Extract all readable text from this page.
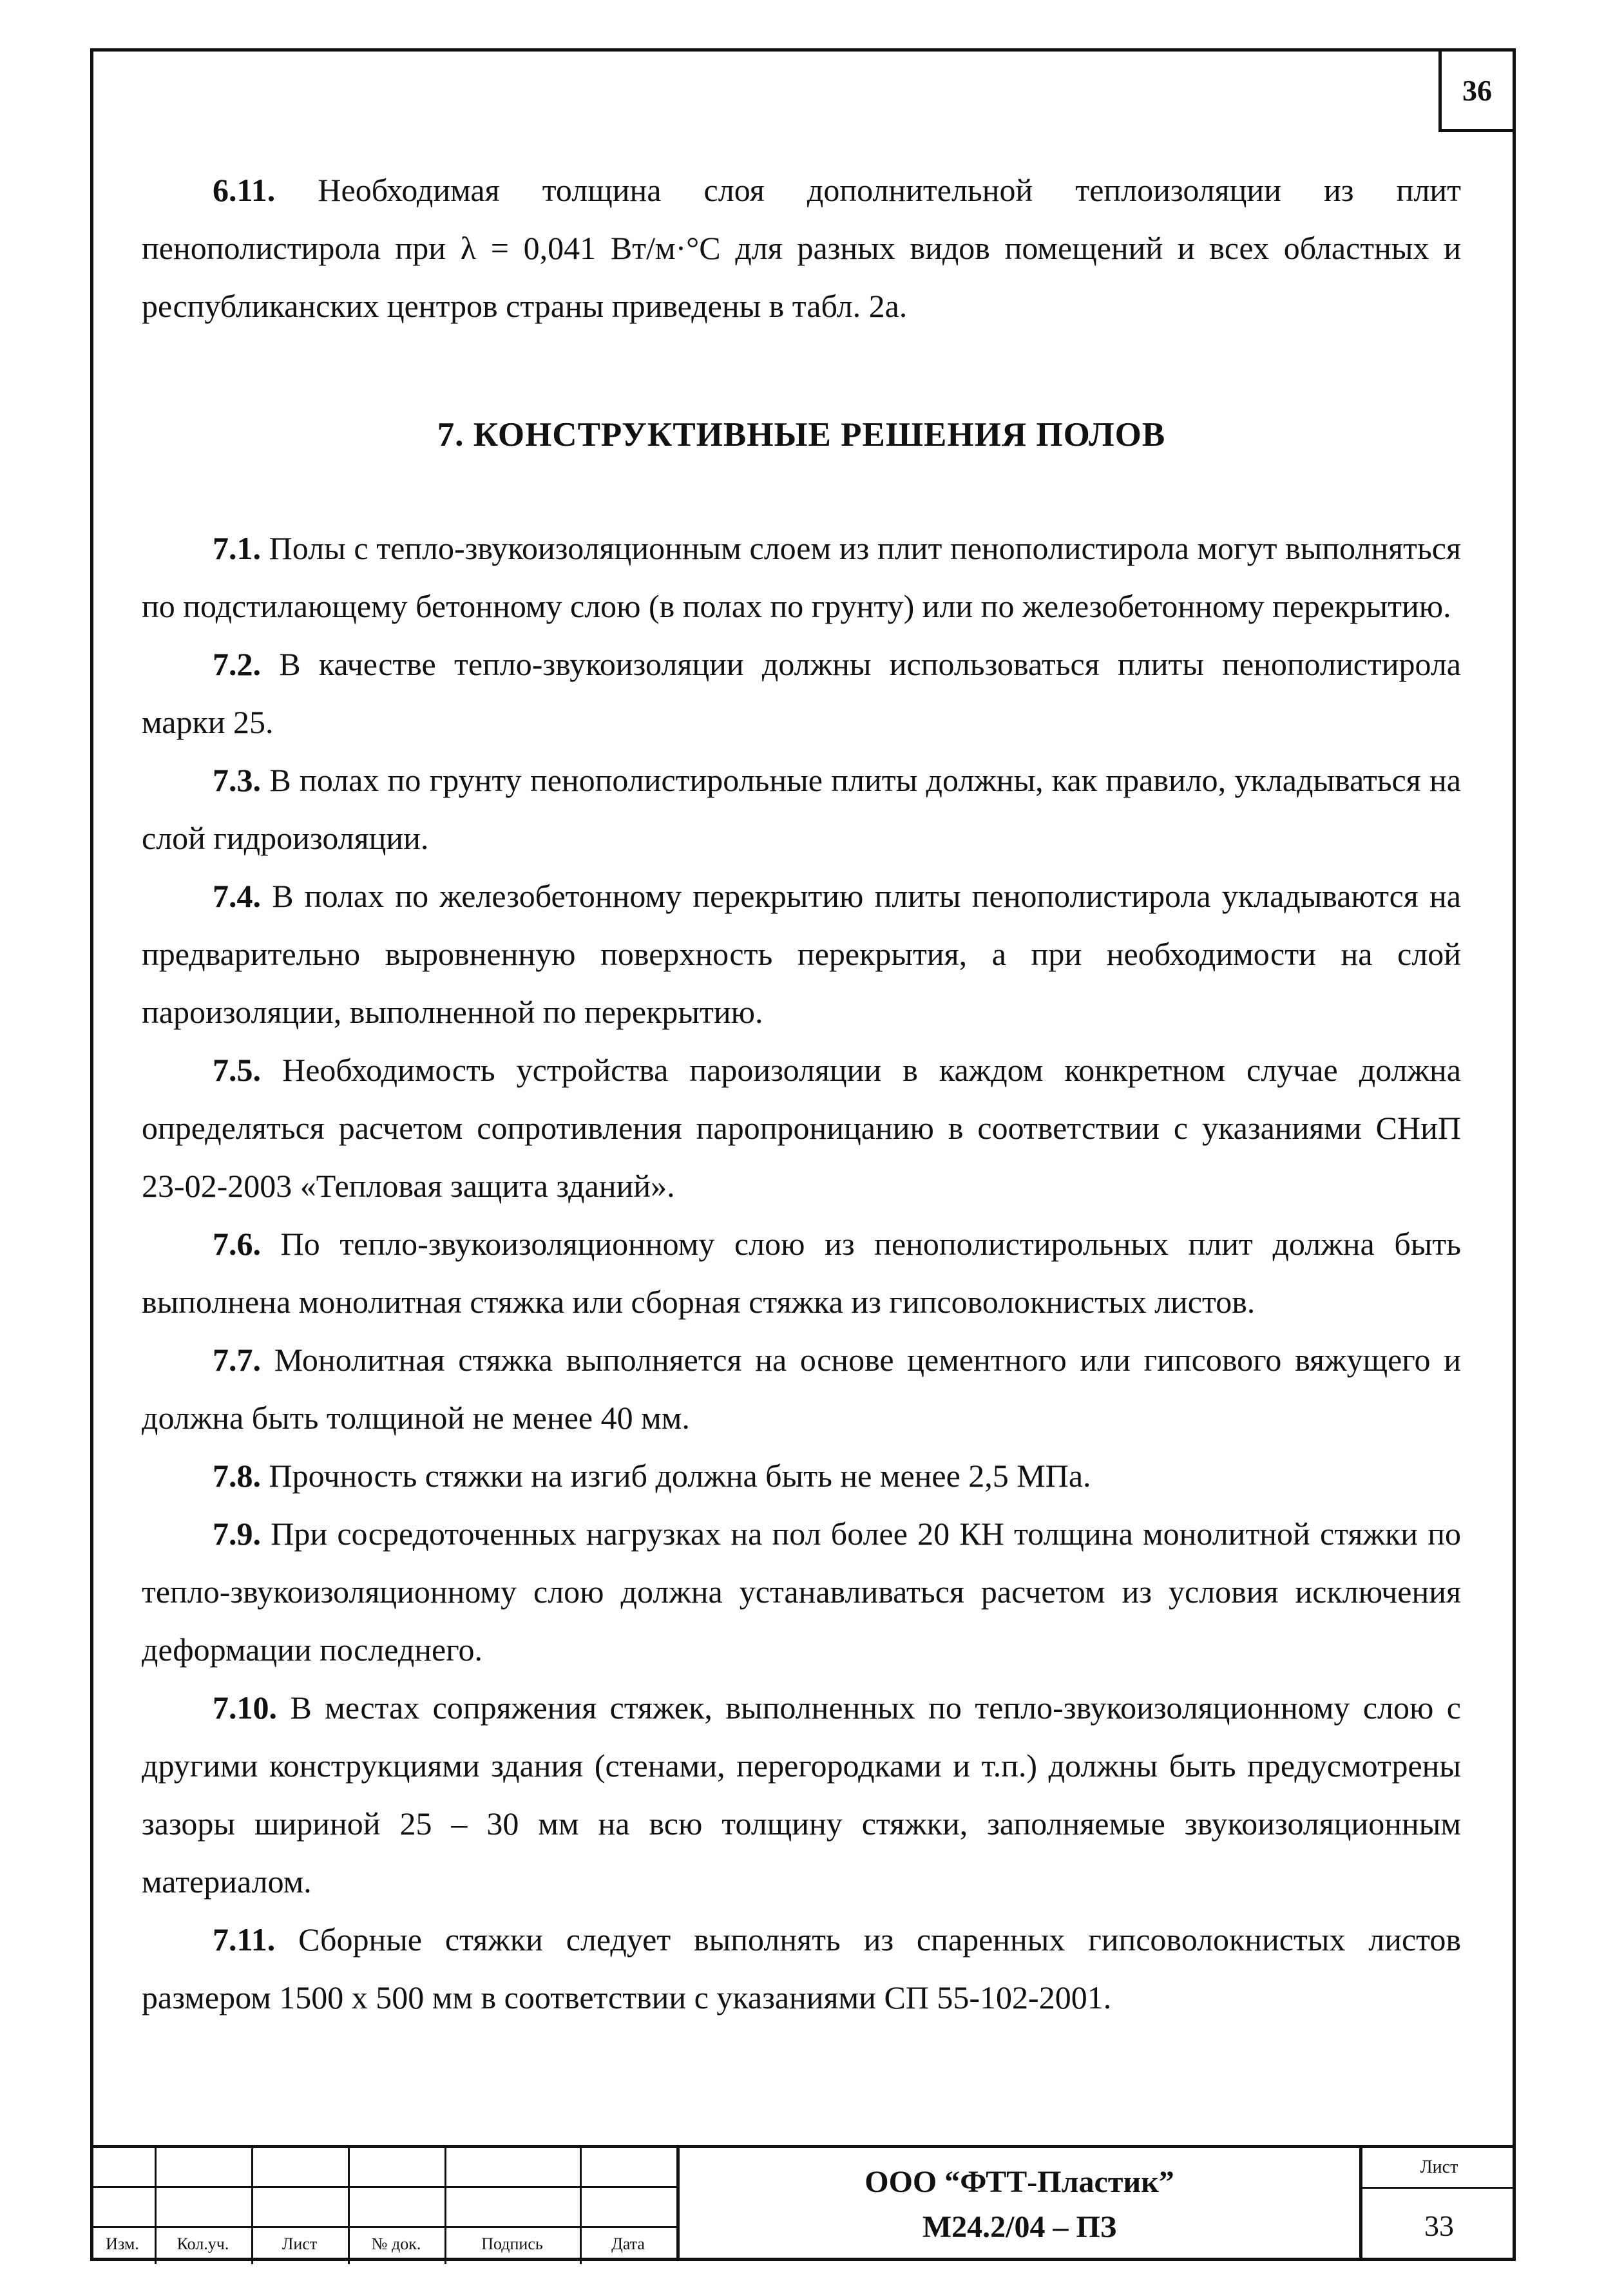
36

6.11. Необходимая толщина слоя дополнительной теплоизоляции из плит пенополистирола при λ = 0,041 Вт/м·°С для разных видов помещений и всех областных и республиканских центров страны приведены в табл. 2а.

7. КОНСТРУКТИВНЫЕ РЕШЕНИЯ ПОЛОВ

7.1. Полы с тепло-звукоизоляционным слоем из плит пенополистирола могут выполняться по подстилающему бетонному слою (в полах по грунту) или по железобетонному перекрытию.

7.2. В качестве тепло-звукоизоляции должны использоваться плиты пенополистирола марки 25.

7.3. В полах по грунту пенополистирольные плиты должны, как правило, укладываться на слой гидроизоляции.

7.4. В полах по железобетонному перекрытию плиты пенополистирола укладываются на предварительно выровненную поверхность перекрытия, а при необходимости на слой пароизоляции, выполненной по перекрытию.

7.5. Необходимость устройства пароизоляции в каждом конкретном случае должна определяться расчетом сопротивления паропроницанию в соответствии с указаниями СНиП 23-02-2003 «Тепловая защита зданий».

7.6. По тепло-звукоизоляционному слою из пенополистирольных плит должна быть выполнена монолитная стяжка или сборная стяжка из гипсоволокнистых листов.

7.7. Монолитная стяжка выполняется на основе цементного или гипсового вяжущего и должна быть толщиной не менее 40 мм.

7.8. Прочность стяжки на изгиб должна быть не менее 2,5 МПа.

7.9. При сосредоточенных нагрузках на пол более 20 КН толщина монолитной стяжки по тепло-звукоизоляционному слою должна устанавливаться расчетом из условия исключения деформации последнего.

7.10. В местах сопряжения стяжек, выполненных по тепло-звукоизоляционному слою с другими конструкциями здания (стенами, перегородками и т.п.) должны быть предусмотрены зазоры шириной 25 – 30 мм на всю толщину стяжки, заполняемые звукоизоляционным материалом.

7.11. Сборные стяжки следует выполнять из спаренных гипсоволокнистых листов размером 1500 х 500 мм в соответствии с указаниями СП 55-102-2001.

Изм.	Кол.уч.	Лист	№ док.	Подпись	Дата
ООО “ФТТ-Пластик”
М24.2/04 – ПЗ
Лист
33
